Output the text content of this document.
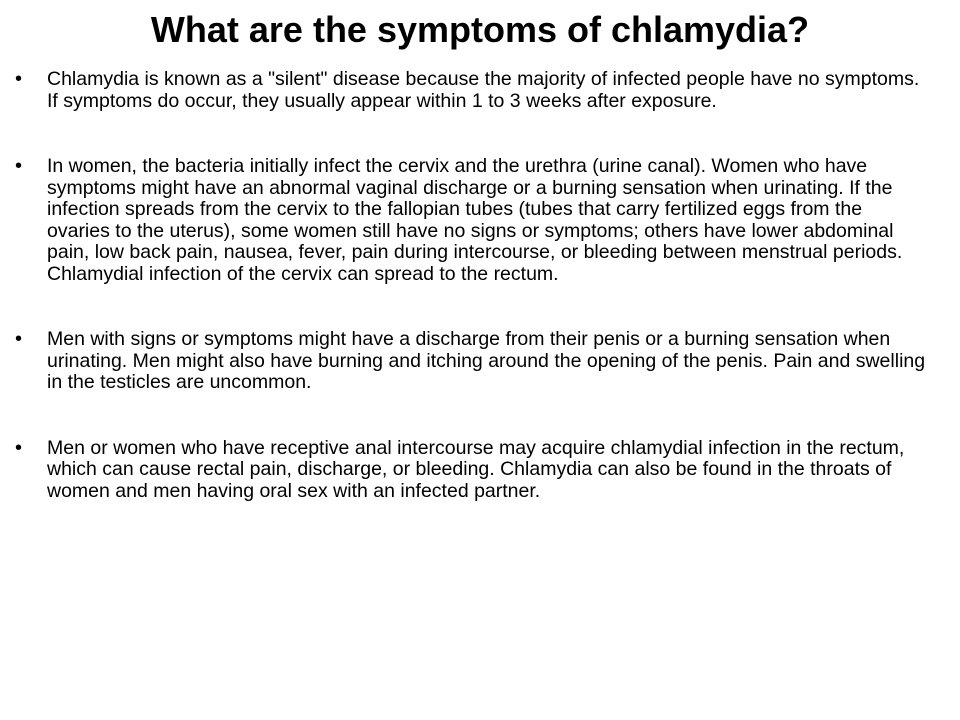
What are the symptoms of chlamydia?
•	Chlamydia is known as a "silent" disease because the majority of infected people have no symptoms. If symptoms do occur, they usually appear within 1 to 3 weeks after exposure.
•	In women, the bacteria initially infect the cervix and the urethra (urine canal). Women who have symptoms might have an abnormal vaginal discharge or a burning sensation when urinating. If the infection spreads from the cervix to the fallopian tubes (tubes that carry fertilized eggs from the ovaries to the uterus), some women still have no signs or symptoms; others have lower abdominal pain, low back pain, nausea, fever, pain during intercourse, or bleeding between menstrual periods. Chlamydial infection of the cervix can spread to the rectum.
•	Men with signs or symptoms might have a discharge from their penis or a burning sensation when urinating. Men might also have burning and itching around the opening of the penis. Pain and swelling in the testicles are uncommon.
•	Men or women who have receptive anal intercourse may acquire chlamydial infection in the rectum, which can cause rectal pain, discharge, or bleeding. Chlamydia can also be found in the throats of women and men having oral sex with an infected partner.
